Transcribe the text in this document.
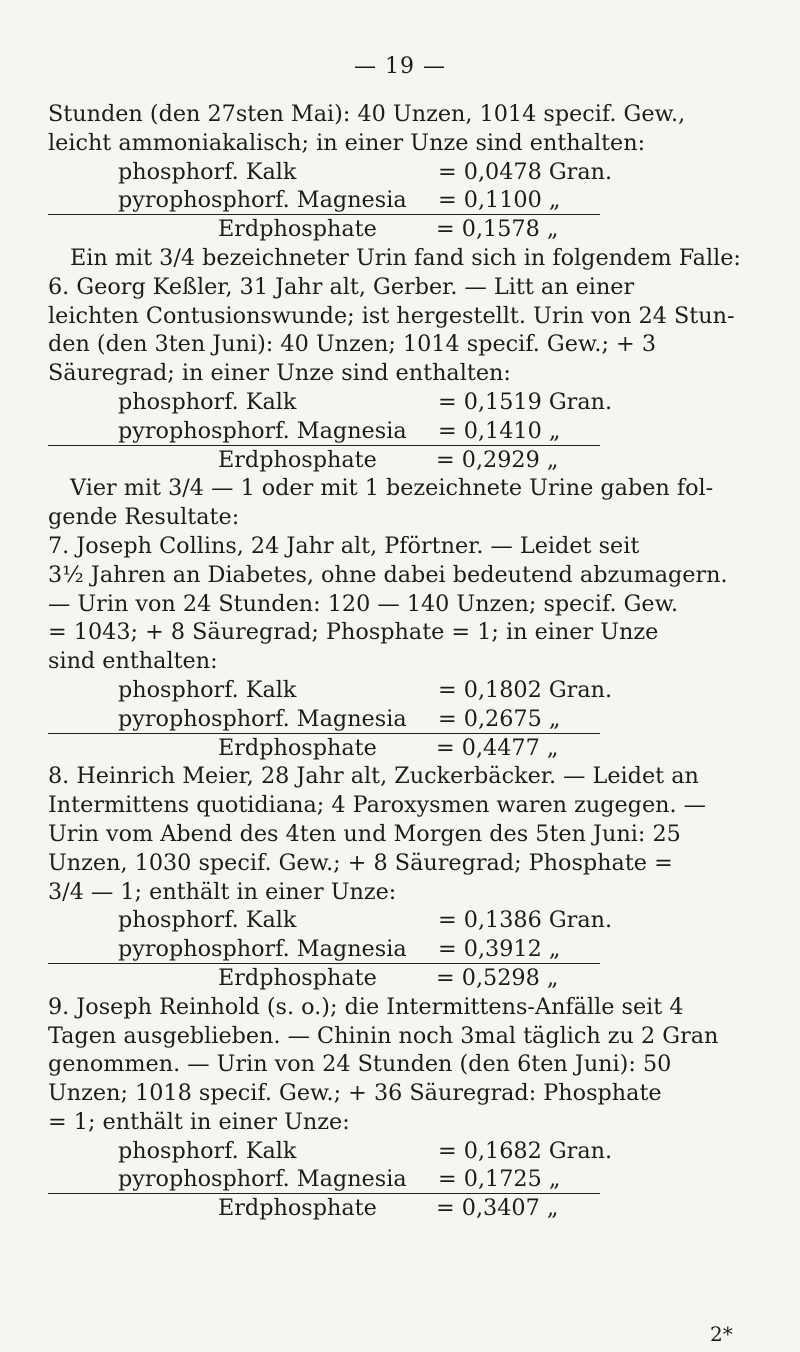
— 19 —
Stunden (den 27sten Mai): 40 Unzen, 1014 specif. Gew.,
leicht ammoniakalisch; in einer Unze sind enthalten:
phosphorf. Kalk	= 0,0478 Gran.
pyrophosphorf. Magnesia = 0,1100 „
Erdphosphate	= 0,1578 „
Ein mit 3/4 bezeichneter Urin fand sich in folgendem Falle:
6. Georg Keßler, 31 Jahr alt, Gerber. — Litt an einer
leichten Contusionswunde; ist hergestellt. Urin von 24 Stun-
den (den 3ten Juni): 40 Unzen; 1014 specif. Gew.; + 3
Säuregrad; in einer Unze sind enthalten:
phosphorf. Kalk	= 0,1519 Gran.
pyrophosphorf. Magnesia = 0,1410 „
Erdphosphate	= 0,2929 „
Vier mit 3/4 — 1 oder mit 1 bezeichnete Urine gaben fol-
gende Resultate:
7. Joseph Collins, 24 Jahr alt, Pförtner. — Leidet seit
3½ Jahren an Diabetes, ohne dabei bedeutend abzumagern.
— Urin von 24 Stunden: 120 — 140 Unzen; specif. Gew.
= 1043; + 8 Säuregrad; Phosphate = 1; in einer Unze
sind enthalten:
phosphorf. Kalk	= 0,1802 Gran.
pyrophosphorf. Magnesia = 0,2675 „
Erdphosphate	= 0,4477 „
8. Heinrich Meier, 28 Jahr alt, Zuckerbäcker. — Leidet an
Intermittens quotidiana; 4 Paroxysmen waren zugegen. —
Urin vom Abend des 4ten und Morgen des 5ten Juni: 25
Unzen, 1030 specif. Gew.; + 8 Säuregrad; Phosphate =
3/4 — 1; enthält in einer Unze:
phosphorf. Kalk	= 0,1386 Gran.
pyrophosphorf. Magnesia = 0,3912 „
Erdphosphate	= 0,5298 „
9. Joseph Reinhold (s. o.); die Intermittens-Anfälle seit 4
Tagen ausgeblieben. — Chinin noch 3mal täglich zu 2 Gran
genommen. — Urin von 24 Stunden (den 6ten Juni): 50
Unzen; 1018 specif. Gew.; + 36 Säuregrad: Phosphate
= 1; enthält in einer Unze:
phosphorf. Kalk	= 0,1682 Gran.
pyrophosphorf. Magnesia = 0,1725 „
Erdphosphate	= 0,3407 „
2*
